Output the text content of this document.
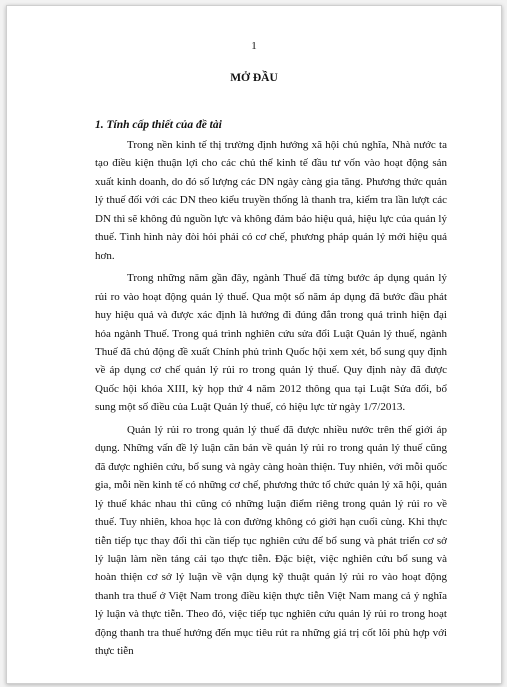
1
MỞ ĐẦU
1. Tính cấp thiết của đề tài

Trong nền kinh tế thị trường định hướng xã hội chủ nghĩa, Nhà nước ta tạo điều kiện thuận lợi cho các chủ thể kinh tế đầu tư vốn vào hoạt động sản xuất kinh doanh, do đó số lượng các DN ngày càng gia tăng. Phương thức quản lý thuế đối với các DN theo kiểu truyền thống là thanh tra, kiểm tra lần lượt các DN thì sẽ không đủ nguồn lực và không đảm bảo hiệu quả, hiệu lực của quản lý thuế. Tình hình này đòi hỏi phải có cơ chế, phương pháp quản lý mới hiệu quả hơn.

Trong những năm gần đây, ngành Thuế đã từng bước áp dụng quản lý rủi ro vào hoạt động quản lý thuế. Qua một số năm áp dụng đã bước đầu phát huy hiệu quả và được xác định là hướng đi đúng đắn trong quá trình hiện đại hóa ngành Thuế. Trong quá trình nghiên cứu sửa đổi Luật Quản lý thuế, ngành Thuế đã chủ động đề xuất Chính phủ trình Quốc hội xem xét, bổ sung quy định về áp dụng cơ chế quản lý rủi ro trong quản lý thuế. Quy định này đã được Quốc hội khóa XIII, kỳ họp thứ 4 năm 2012 thông qua tại Luật Sửa đổi, bổ sung một số điều của Luật Quản lý thuế, có hiệu lực từ ngày 1/7/2013.

Quản lý rủi ro trong quản lý thuế đã được nhiều nước trên thế giới áp dụng. Những vấn đề lý luận căn bản về quản lý rủi ro trong quản lý thuế cũng đã được nghiên cứu, bổ sung và ngày càng hoàn thiện. Tuy nhiên, với mỗi quốc gia, mỗi nền kinh tế có những cơ chế, phương thức tổ chức quản lý xã hội, quản lý thuế khác nhau thì cũng có những luận điểm riêng trong quản lý rủi ro về thuế. Tuy nhiên, khoa học là con đường không có giới hạn cuối cùng. Khi thực tiễn tiếp tục thay đổi thì cần tiếp tục nghiên cứu để bổ sung và phát triển cơ sở lý luận làm nền tảng cải tạo thực tiễn. Đặc biệt, việc nghiên cứu bổ sung và hoàn thiện cơ sở lý luận về vận dụng kỹ thuật quản lý rủi ro vào hoạt động thanh tra thuế ở Việt Nam trong điều kiện thực tiễn Việt Nam mang cả ý nghĩa lý luận và thực tiễn. Theo đó, việc tiếp tục nghiên cứu quản lý rủi ro trong hoạt động thanh tra thuế hướng đến mục tiêu rút ra những giá trị cốt lõi phù hợp với thực tiễn
